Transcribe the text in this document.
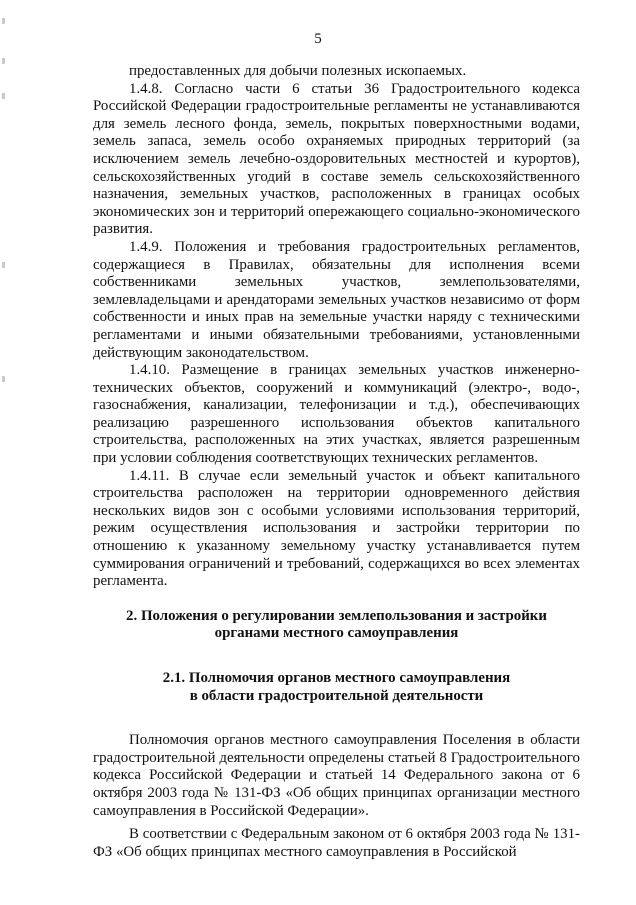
5

предоставленных для добычи полезных ископаемых.

1.4.8. Согласно части 6 статьи 36 Градостроительного кодекса Российской Федерации градостроительные регламенты не устанавливаются для земель лесного фонда, земель, покрытых поверхностными водами, земель запаса, земель особо охраняемых природных территорий (за исключением земель лечебно-оздоровительных местностей и курортов), сельскохозяйственных угодий в составе земель сельскохозяйственного назначения, земельных участков, расположенных в границах особых экономических зон и территорий опережающего социально-экономического развития.

1.4.9. Положения и требования градостроительных регламентов, содержащиеся в Правилах, обязательны для исполнения всеми собственниками земельных участков, землепользователями, землевладельцами и арендаторами земельных участков независимо от форм собственности и иных прав на земельные участки наряду с техническими регламентами и иными обязательными требованиями, установленными действующим законодательством.

1.4.10. Размещение в границах земельных участков инженерно-технических объектов, сооружений и коммуникаций (электро-, водо-, газоснабжения, канализации, телефонизации и т.д.), обеспечивающих реализацию разрешенного использования объектов капитального строительства, расположенных на этих участках, является разрешенным при условии соблюдения соответствующих технических регламентов.

1.4.11. В случае если земельный участок и объект капитального строительства расположен на территории одновременного действия нескольких видов зон с особыми условиями использования территорий, режим осуществления использования и застройки территории по отношению к указанному земельному участку устанавливается путем суммирования ограничений и требований, содержащихся во всех элементах регламента.

2. Положения о регулировании землепользования и застройки
органами местного самоуправления
2.1. Полномочия органов местного самоуправления
в области градостроительной деятельности

Полномочия органов местного самоуправления Поселения в области градостроительной деятельности определены статьей 8 Градостроительного кодекса Российской Федерации и статьей 14 Федерального закона от 6 октября 2003 года № 131-ФЗ «Об общих принципах организации местного самоуправления в Российской Федерации».

В соответствии с Федеральным законом от 6 октября 2003 года № 131-ФЗ «Об общих принципах местного самоуправления в Российской
